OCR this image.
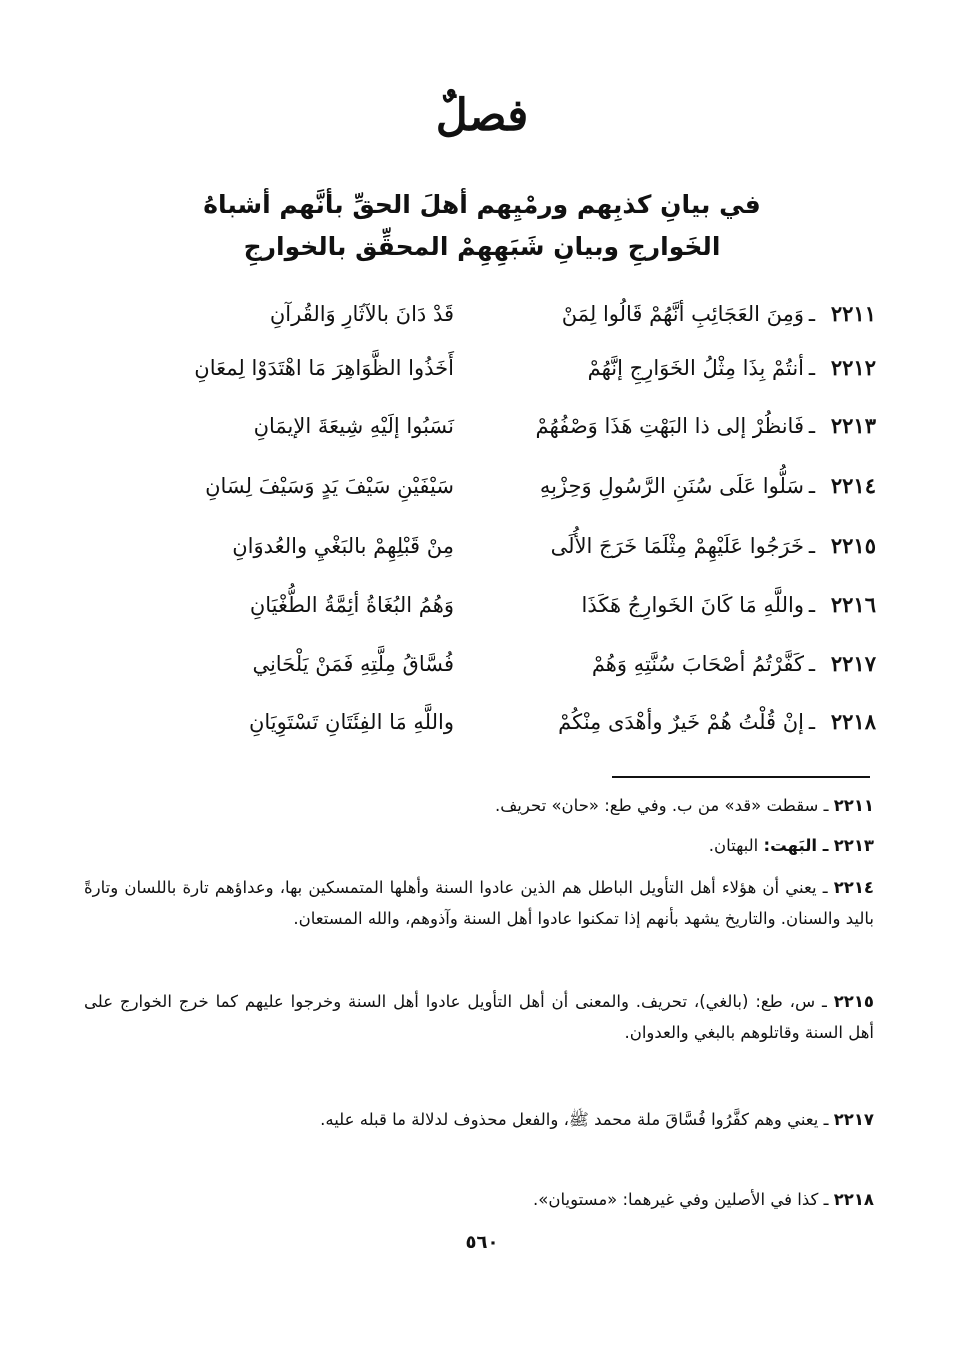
فصلٌ
في بيانِ كذبِهم ورمْيِهم أهلَ الحقِّ بأنَّهم أشباهُ
الخَوارجِ وبيانِ شَبَهِهِمْ المحقِّق بالخوارجِ
٢٢١١
ـ
وَمِنَ العَجَائِبِ أنَّهُمْ قَالُوا لِمَنْ
قَدْ دَانَ بالآثَارِ وَالقُرآنِ
٢٢١٢
ـ
أنتُمْ بِذَا مِثْلُ الخَوَارِجِ إنَّهُمْ
أَخَذُوا الظَّوَاهِرَ مَا اهْتَدَوْا لِمعَانِ
٢٢١٣
ـ
فَانظُرْ إلى ذا البَهْتِ هَذَا وَصْفُهُمْ
نَسَبُوا إلَيْهِ شِيعَةَ الإيمَانِ
٢٢١٤
ـ
سَلُّوا عَلَى سُنَنِ الرَّسُولِ وَحِزْبِهِ
سَيْفَيْنِ سَيْفَ يَدٍ وَسَيْفَ لِسَانِ
٢٢١٥
ـ
خَرَجُوا عَلَيْهِمْ مِثْلَمَا خَرَجَ الأُلَى
مِنْ قَبْلِهِمْ بالبَغْيِ والعُدوَانِ
٢٢١٦
ـ
واللَّهِ مَا كَانَ الخَوارِجُ هَكَذَا
وَهُمُ البُغَاةُ أئِمَّةُ الطُّغْيَانِ
٢٢١٧
ـ
كَفَّرْتُمُ أصْحَابَ سُنَّتِهِ وَهُمْ
فُسَّاقُ مِلَّتِهِ فَمَنْ يَلْحَانِي
٢٢١٨
ـ
إنْ قُلْتُ هُمْ خَيرٌ وأهْدَى مِنْكُمْ
واللَّهِ مَا الفِئَتَانِ تَسْتَوِيَانِ
٢٢١١ ـ سقطت «قد» من ب. وفي طع: «حان» تحريف.
٢٢١٣ ـ البَهت: البهتان.
٢٢١٤ ـ يعني أن هؤلاء أهل التأويل الباطل هم الذين عادوا السنة وأهلها المتمسكين بها، وعداؤهم تارة باللسان وتارةً باليد والسنان. والتاريخ يشهد بأنهم إذا تمكنوا عادوا أهل السنة وآذوهم، والله المستعان.
٢٢١٥ ـ س، طع: (بالغي)، تحريف. والمعنى أن أهل التأويل عادوا أهل السنة وخرجوا عليهم كما خرج الخوارج على أهل السنة وقاتلوهم بالبغي والعدوان.
٢٢١٧ ـ يعني وهم كفَّرُوا فُسَّاقَ ملة محمد ﷺ، والفعل محذوف لدلالة ما قبله عليه.
٢٢١٨ ـ كذا في الأصلين وفي غيرهما: «مستويان».
٥٦٠
